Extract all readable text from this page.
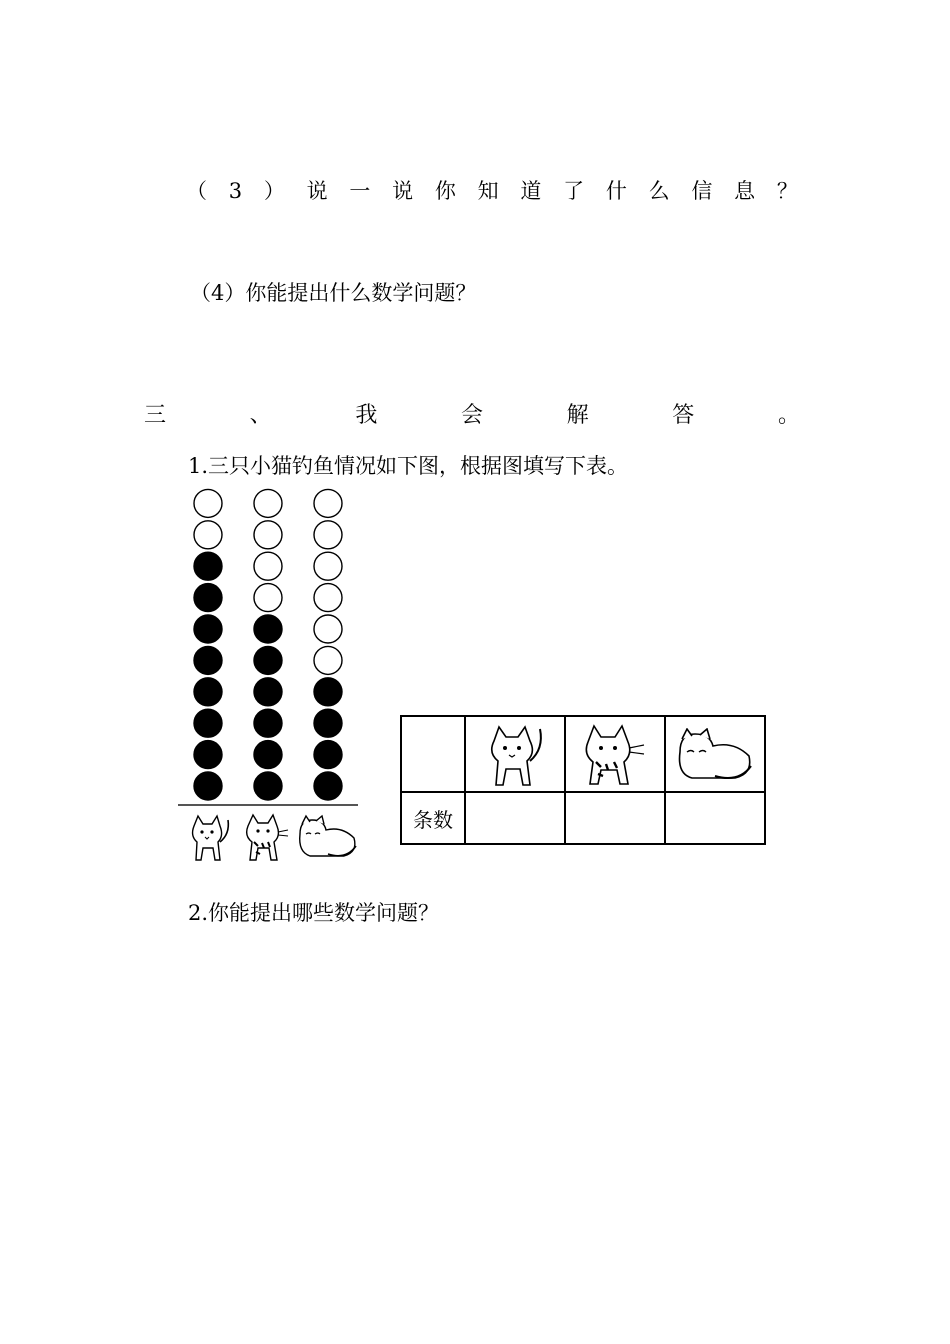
（ 3 ） 说 一 说 你 知 道 了 什 么 信 息 ？
（4）你能提出什么数学问题？
三	、	我	会	解	答	。
1.三只小猫钓鱼情况如下图，根据图填写下表。

条数			
2.你能提出哪些数学问题？
